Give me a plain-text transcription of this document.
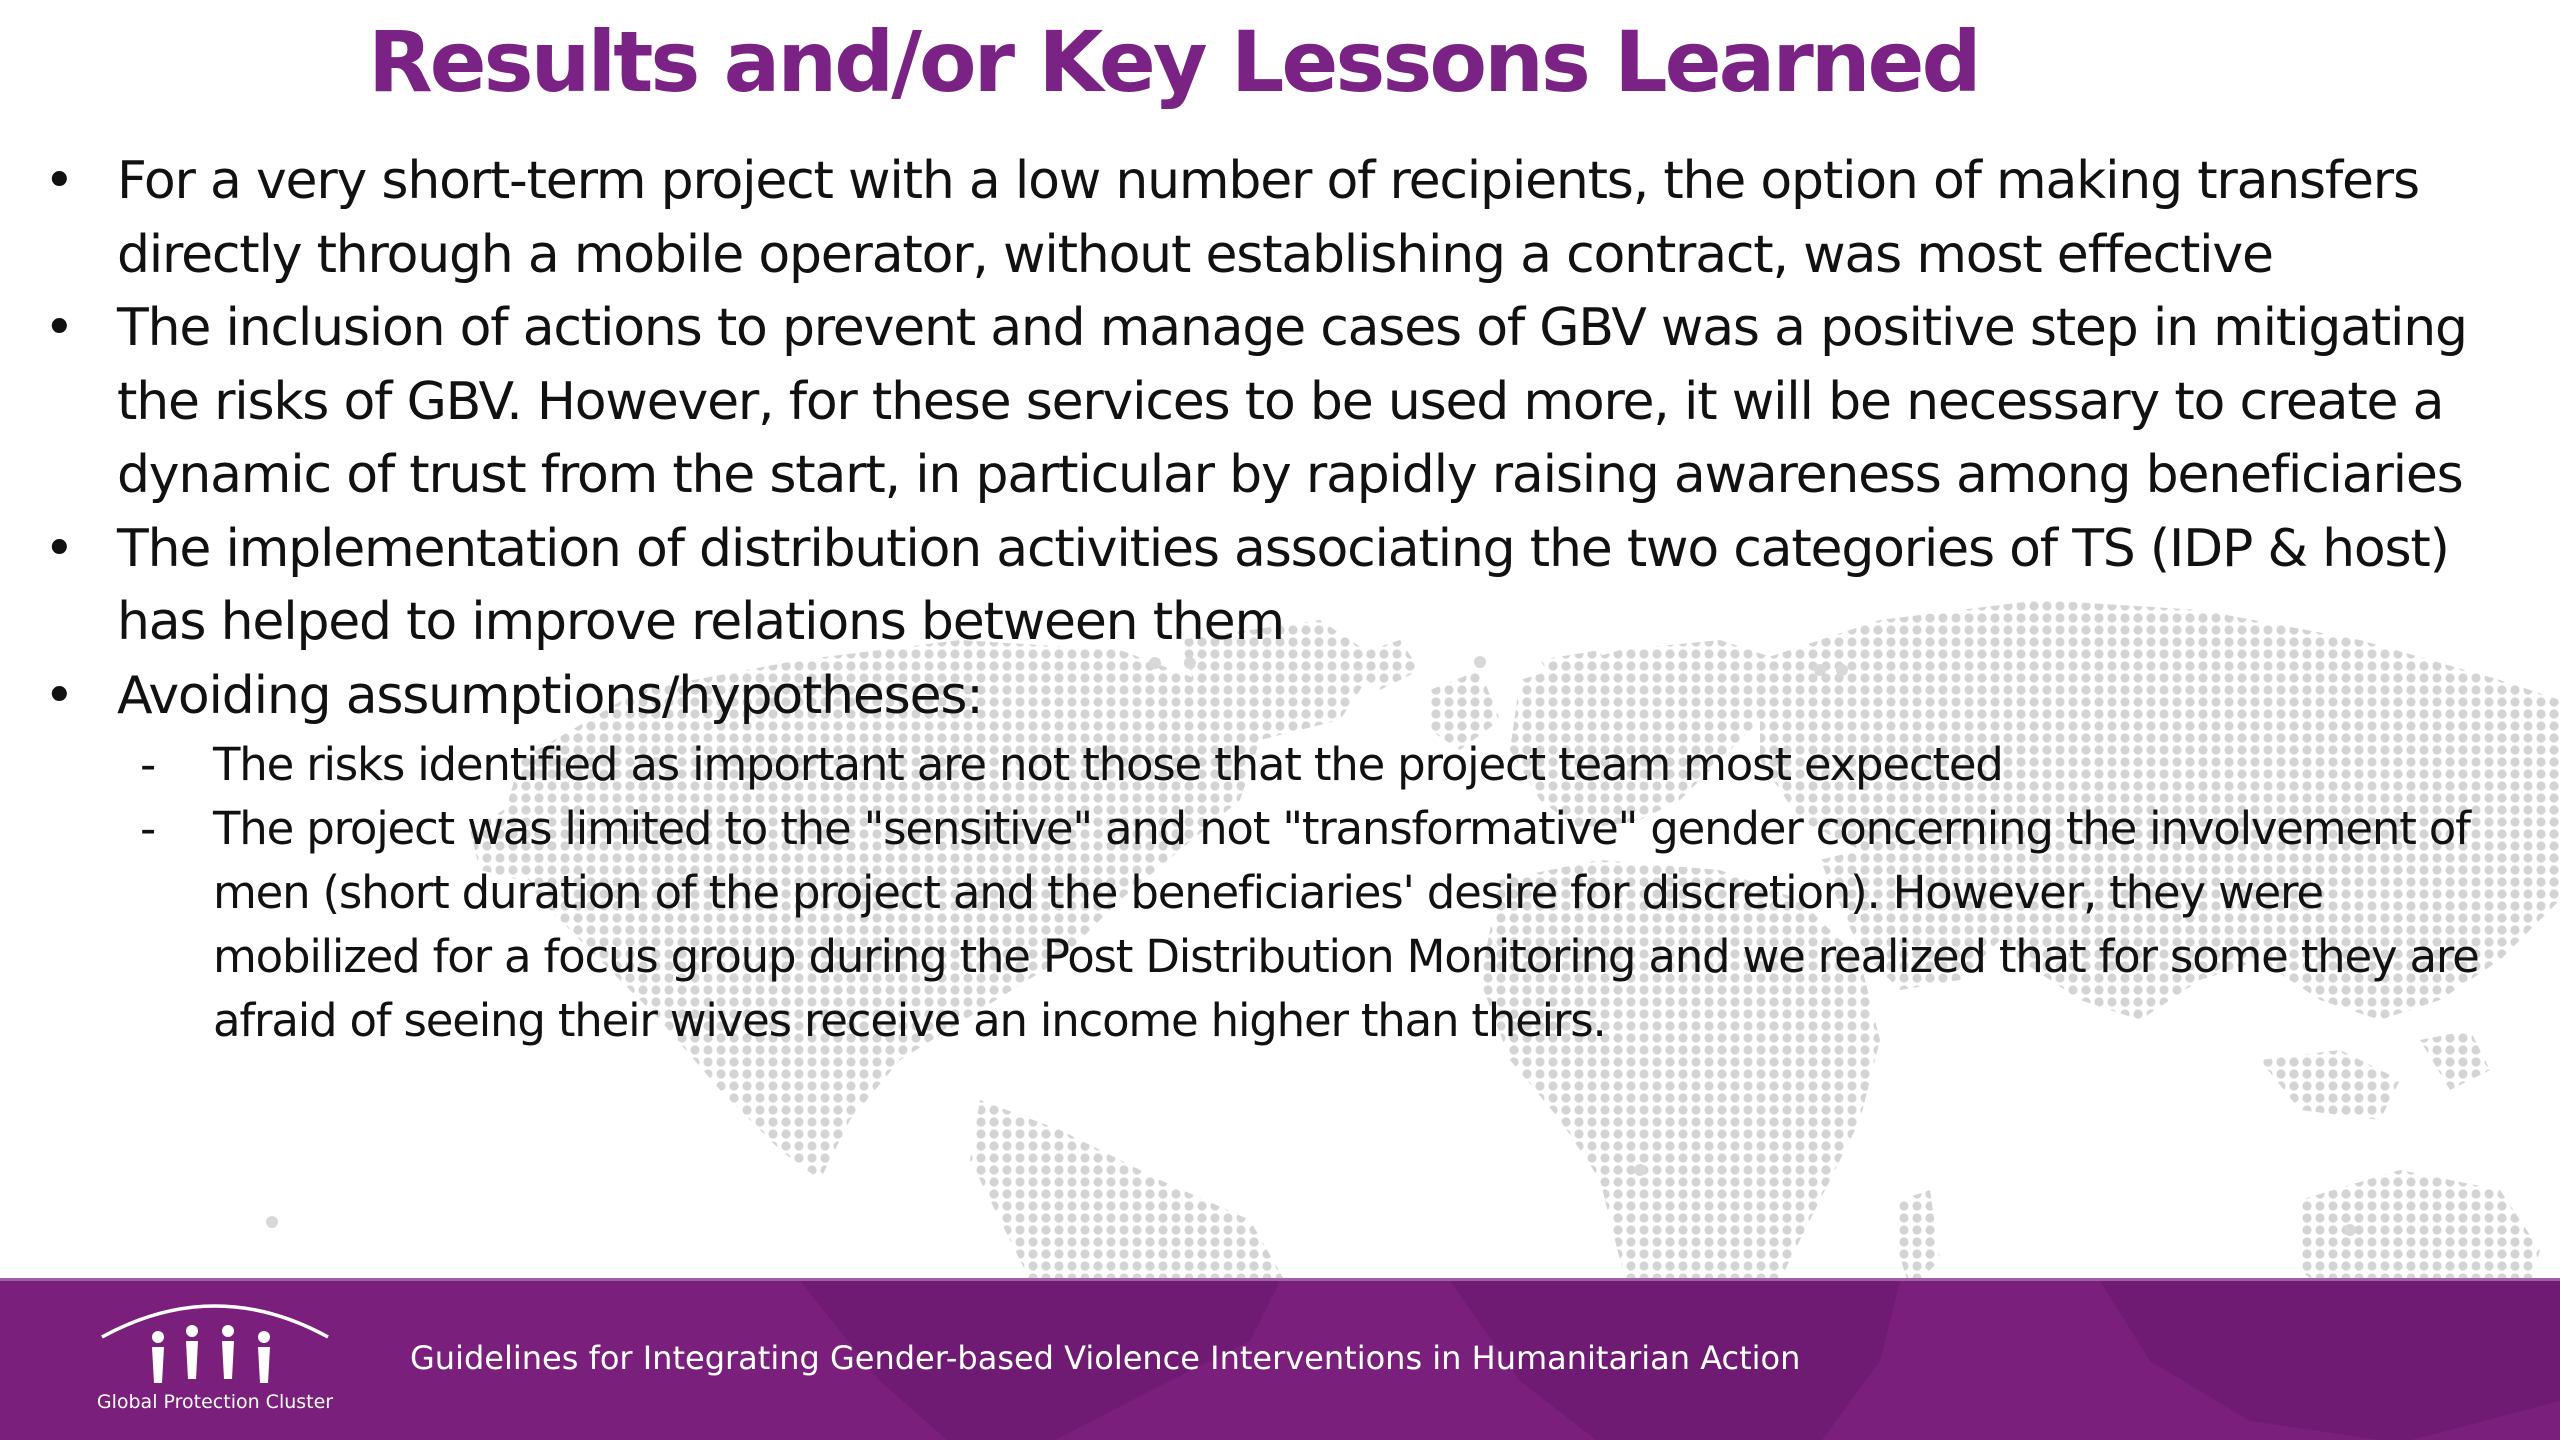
Results and/or Key Lessons Learned
• For a very short-term project with a low number of recipients, the option of making transfers
directly through a mobile operator, without establishing a contract, was most effective
• The inclusion of actions to prevent and manage cases of GBV was a positive step in mitigating
the risks of GBV. However, for these services to be used more, it will be necessary to create a
dynamic of trust from the start, in particular by rapidly raising awareness among beneficiaries
• The implementation of distribution activities associating the two categories of TS (IDP & host)
has helped to improve relations between them
• Avoiding assumptions/hypotheses:
- The risks identified as important are not those that the project team most expected
- The project was limited to the "sensitive" and not "transformative" gender concerning the involvement of
men (short duration of the project and the beneficiaries' desire for discretion). However, they were
mobilized for a focus group during the Post Distribution Monitoring and we realized that for some they are
afraid of seeing their wives receive an income higher than theirs.
Global Protection Cluster
Guidelines for Integrating Gender-based Violence Interventions in Humanitarian Action
